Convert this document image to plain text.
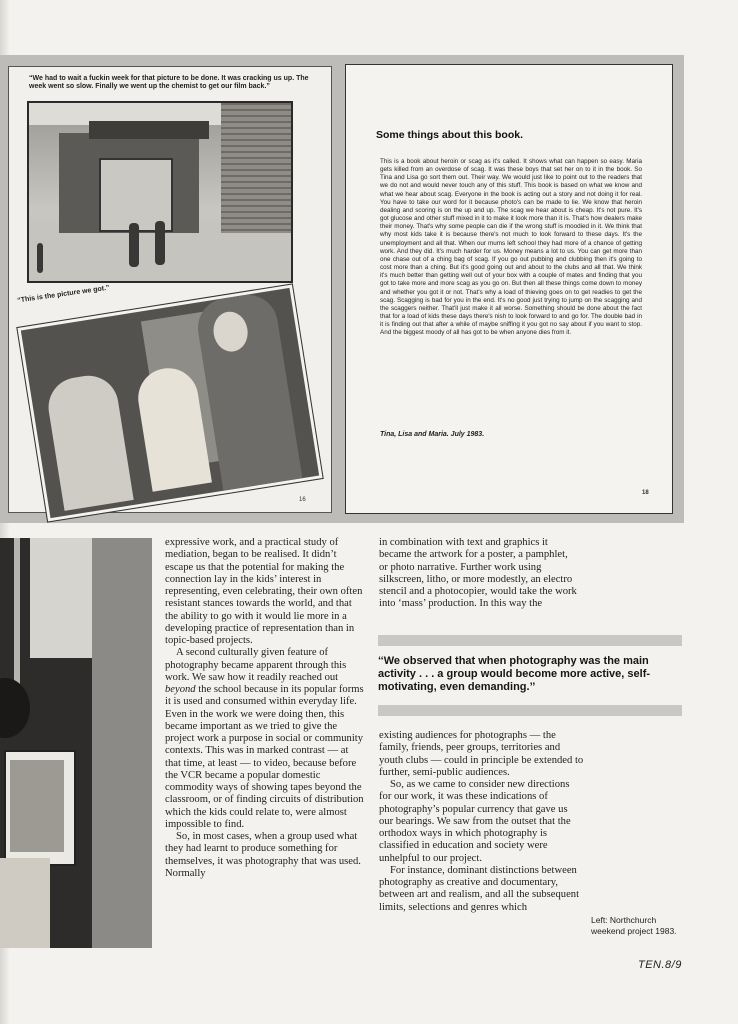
“We had to wait a fuckin week for that picture to be done. It was cracking us up. The week went so slow. Finally we went up the chemist to get our film back.”
“This is the picture we got.”
16
Some things about this book.
This is a book about heroin or scag as it's called. It shows what can happen so easy. Maria gets killed from an overdose of scag. It was these boys that set her on to it in the book. So Tina and Lisa go sort them out. Their way. We would just like to point out to the readers that we do not and would never touch any of this stuff. This book is based on what we know and what we hear about scag. Everyone in the book is acting out a story and not doing it for real. You have to take our word for it because photo's can be made to lie. We know that heroin dealing and scoring is on the up and up. The scag we hear about is cheap. It's not pure. It's got glucose and other stuff mixed in it to make it look more than it is. That's how dealers make their money. That's why some people can die if the wrong stuff is moodied in it. We think that why most kids take it is because there's not much to look forward to these days. It's the unemployment and all that. When our mums left school they had more of a chance of getting work. And they did. It's much harder for us. Money means a lot to us. You can get more than one chase out of a ching bag of scag. If you go out pubbing and clubbing then it's going to cost more than a ching. But it's good going out and about to the clubs and all that. We think it's much better than getting well out of your box with a couple of mates and finding that you got to take more and more scag as you go on. But then all these things come down to money and whether you got it or not. That's why a load of thieving goes on to get readies to get the scag. Scagging is bad for you in the end. It's no good just trying to jump on the scagging and the scaggers neither. That'll just make it all worse. Something should be done about the fact that for a load of kids these days there's nish to look forward to and go for. The double bad in it is finding out that after a while of maybe sniffing it you got no say about if you want to stop. And the biggest moody of all has got to be when anyone dies from it.
Tina, Lisa and Maria. July 1983.
18

expressive work, and a practical study of mediation, began to be realised. It didn’t escape us that the potential for making the connection lay in the kids’ interest in representing, even celebrating, their own often resistant stances towards the world, and that the ability to go with it would lie more in a developing practice of representation than in topic-based projects.

A second culturally given feature of photography became apparent through this work. We saw how it readily reached out beyond the school because in its popular forms it is used and consumed within everyday life. Even in the work we were doing then, this became important as we tried to give the project work a purpose in social or community contexts. This was in marked contrast — at that time, at least — to video, because before the VCR became a popular domestic commodity ways of showing tapes beyond the classroom, or of finding circuits of distribution which the kids could relate to, were almost impossible to find.

So, in most cases, when a group used what they had learnt to produce something for themselves, it was photography that was used. Normally

in combination with text and graphics it became the artwork for a poster, a pamphlet, or photo narrative. Further work using silkscreen, litho, or more modestly, an electro stencil and a photocopier, would take the work into ‘mass’ production. In this way the

‘‘We observed that when photography was the main activity . . . a group would become more active, self-motivating, even demanding.’’

existing audiences for photographs — the family, friends, peer groups, territories and youth clubs — could in principle be extended to further, semi-public audiences.

So, as we came to consider new directions for our work, it was these indications of photography’s popular currency that gave us our bearings. We saw from the outset that the orthodox ways in which photography is classified in education and society were unhelpful to our project.

For instance, dominant distinctions between photography as creative and documentary, between art and realism, and all the subsequent limits, selections and genres which

Left: Northchurch weekend project 1983.
TEN.8/9
